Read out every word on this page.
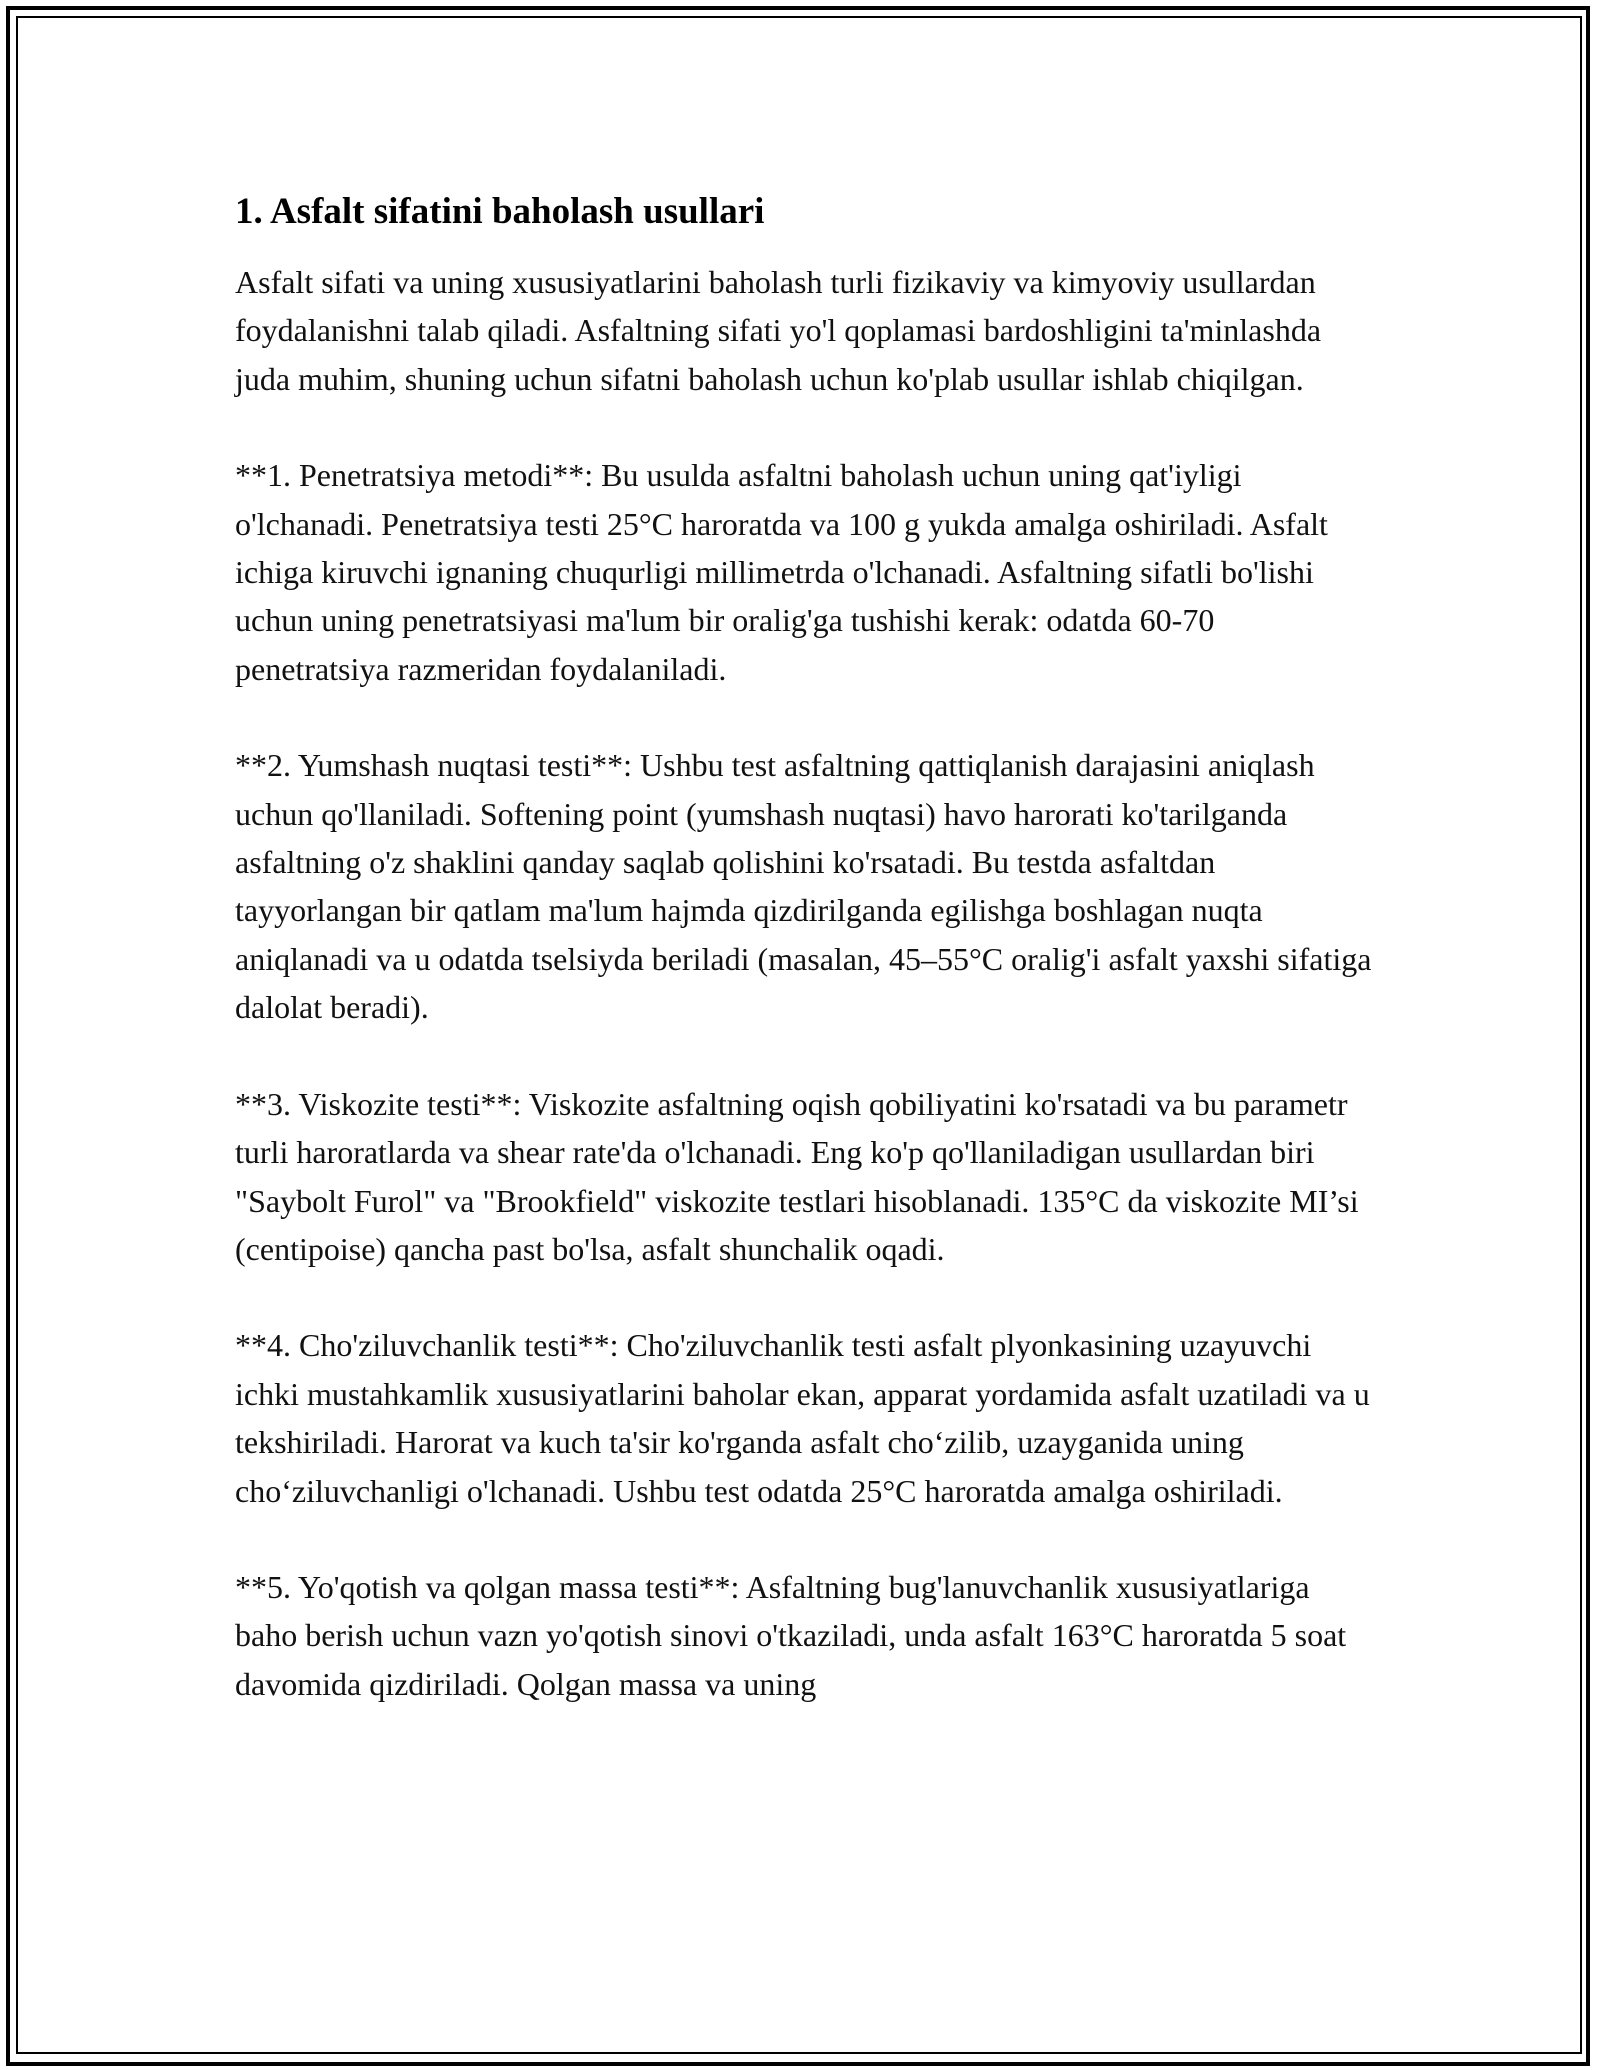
1. Asfalt sifatini baholash usullari

Asfalt sifati va uning xususiyatlarini baholash turli fizikaviy va kimyoviy usullardan foydalanishni talab qiladi. Asfaltning sifati yo'l qoplamasi bardoshligini ta'minlashda juda muhim, shuning uchun sifatni baholash uchun ko'plab usullar ishlab chiqilgan.

**1. Penetratsiya metodi**: Bu usulda asfaltni baholash uchun uning qat'iyligi o'lchanadi. Penetratsiya testi 25°C haroratda va 100 g yukda amalga oshiriladi. Asfalt ichiga kiruvchi ignaning chuqurligi millimetrda o'lchanadi. Asfaltning sifatli bo'lishi uchun uning penetratsiyasi ma'lum bir oralig'ga tushishi kerak: odatda 60-70 penetratsiya razmeridan foydalaniladi.

**2. Yumshash nuqtasi testi**: Ushbu test asfaltning qattiqlanish darajasini aniqlash uchun qo'llaniladi. Softening point (yumshash nuqtasi) havo harorati ko'tarilganda asfaltning o'z shaklini qanday saqlab qolishini ko'rsatadi. Bu testda asfaltdan tayyorlangan bir qatlam ma'lum hajmda qizdirilganda egilishga boshlagan nuqta aniqlanadi va u odatda tselsiyda beriladi (masalan, 45–55°C oralig'i asfalt yaxshi sifatiga dalolat beradi).

**3. Viskozite testi**: Viskozite asfaltning oqish qobiliyatini ko'rsatadi va bu parametr turli haroratlarda va shear rate'da o'lchanadi. Eng ko'p qo'llaniladigan usullardan biri "Saybolt Furol" va "Brookfield" viskozite testlari hisoblanadi. 135°C da viskozite MI’si (centipoise) qancha past bo'lsa, asfalt shunchalik oqadi.

**4. Cho'ziluvchanlik testi**: Cho'ziluvchanlik testi asfalt plyonkasining uzayuvchi ichki mustahkamlik xususiyatlarini baholar ekan, apparat yordamida asfalt uzatiladi va u tekshiriladi. Harorat va kuch ta'sir ko'rganda asfalt choʻzilib, uzayganida uning choʻziluvchanligi o'lchanadi. Ushbu test odatda 25°C haroratda amalga oshiriladi.

**5. Yo'qotish va qolgan massa testi**: Asfaltning bug'lanuvchanlik xususiyatlariga baho berish uchun vazn yo'qotish sinovi o'tkaziladi, unda asfalt 163°C haroratda 5 soat davomida qizdiriladi. Qolgan massa va uning
